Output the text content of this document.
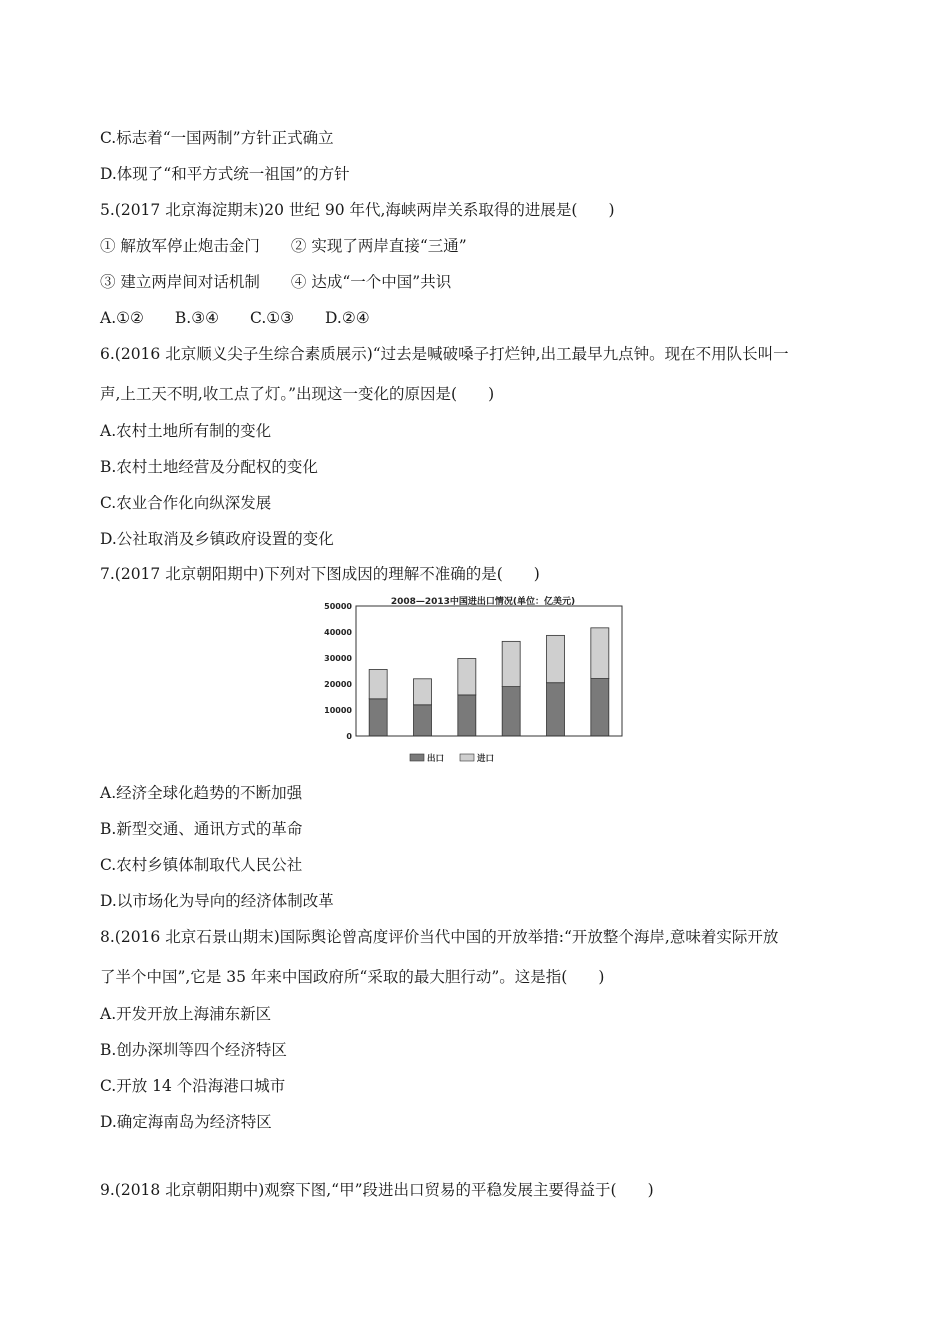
C.标志着“一国两制”方针正式确立
D.体现了“和平方式统一祖国”的方针
5.(2017 北京海淀期末)20 世纪 90 年代,海峡两岸关系取得的进展是(　　)
① 解放军停止炮击金门　　② 实现了两岸直接“三通”
③ 建立两岸间对话机制　　④ 达成“一个中国”共识
A.①②　　B.③④　　C.①③　　D.②④
6.(2016 北京顺义尖子生综合素质展示)“过去是喊破嗓子打烂钟,出工最早九点钟。现在不用队长叫一
声,上工天不明,收工点了灯。”出现这一变化的原因是(　　)
A.农村土地所有制的变化
B.农村土地经营及分配权的变化
C.农业合作化向纵深发展
D.公社取消及乡镇政府设置的变化
7.(2017 北京朝阳期中)下列对下图成因的理解不准确的是(　　)
2008—2013中国进出口情况(单位：亿美元)
50000
40000
30000
20000
10000
0
出口	进口
A.经济全球化趋势的不断加强
B.新型交通、通讯方式的革命
C.农村乡镇体制取代人民公社
D.以市场化为导向的经济体制改革
8.(2016 北京石景山期末)国际舆论曾高度评价当代中国的开放举措:“开放整个海岸,意味着实际开放
了半个中国”,它是 35 年来中国政府所“采取的最大胆行动”。这是指(　　)
A.开发开放上海浦东新区
B.创办深圳等四个经济特区
C.开放 14 个沿海港口城市
D.确定海南岛为经济特区
9.(2018 北京朝阳期中)观察下图,“甲”段进出口贸易的平稳发展主要得益于(　　)
